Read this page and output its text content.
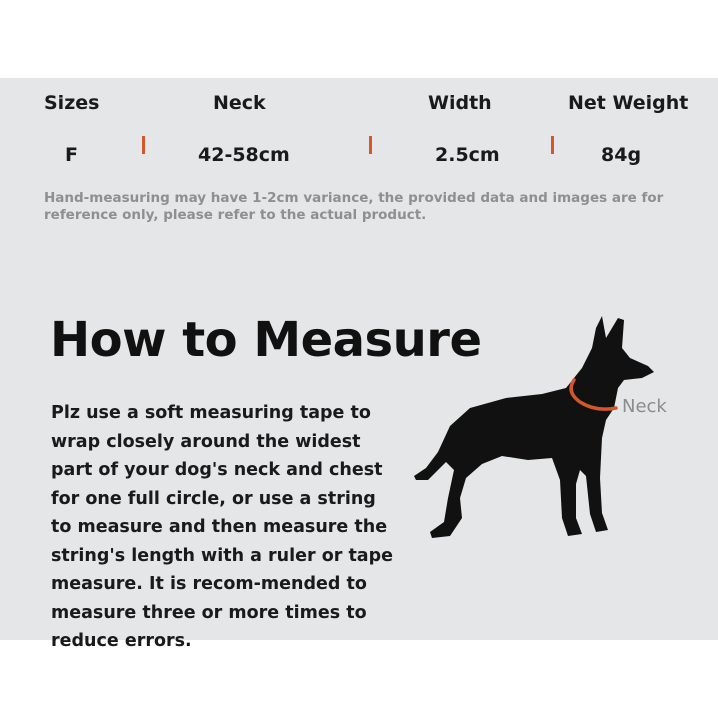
Sizes	Neck	Width	Net Weight
F	42-58cm	2.5cm	84g
Hand-measuring may have 1-2cm variance, the provided data and images are for reference only, please refer to the actual product.
How to Measure
Plz use a soft measuring tape to wrap closely around the widest part of your dog's neck and chest for one full circle, or use a string to measure and then measure the string's length with a ruler or tape measure. It is recom-mended to measure three or more times to reduce errors.
Neck
